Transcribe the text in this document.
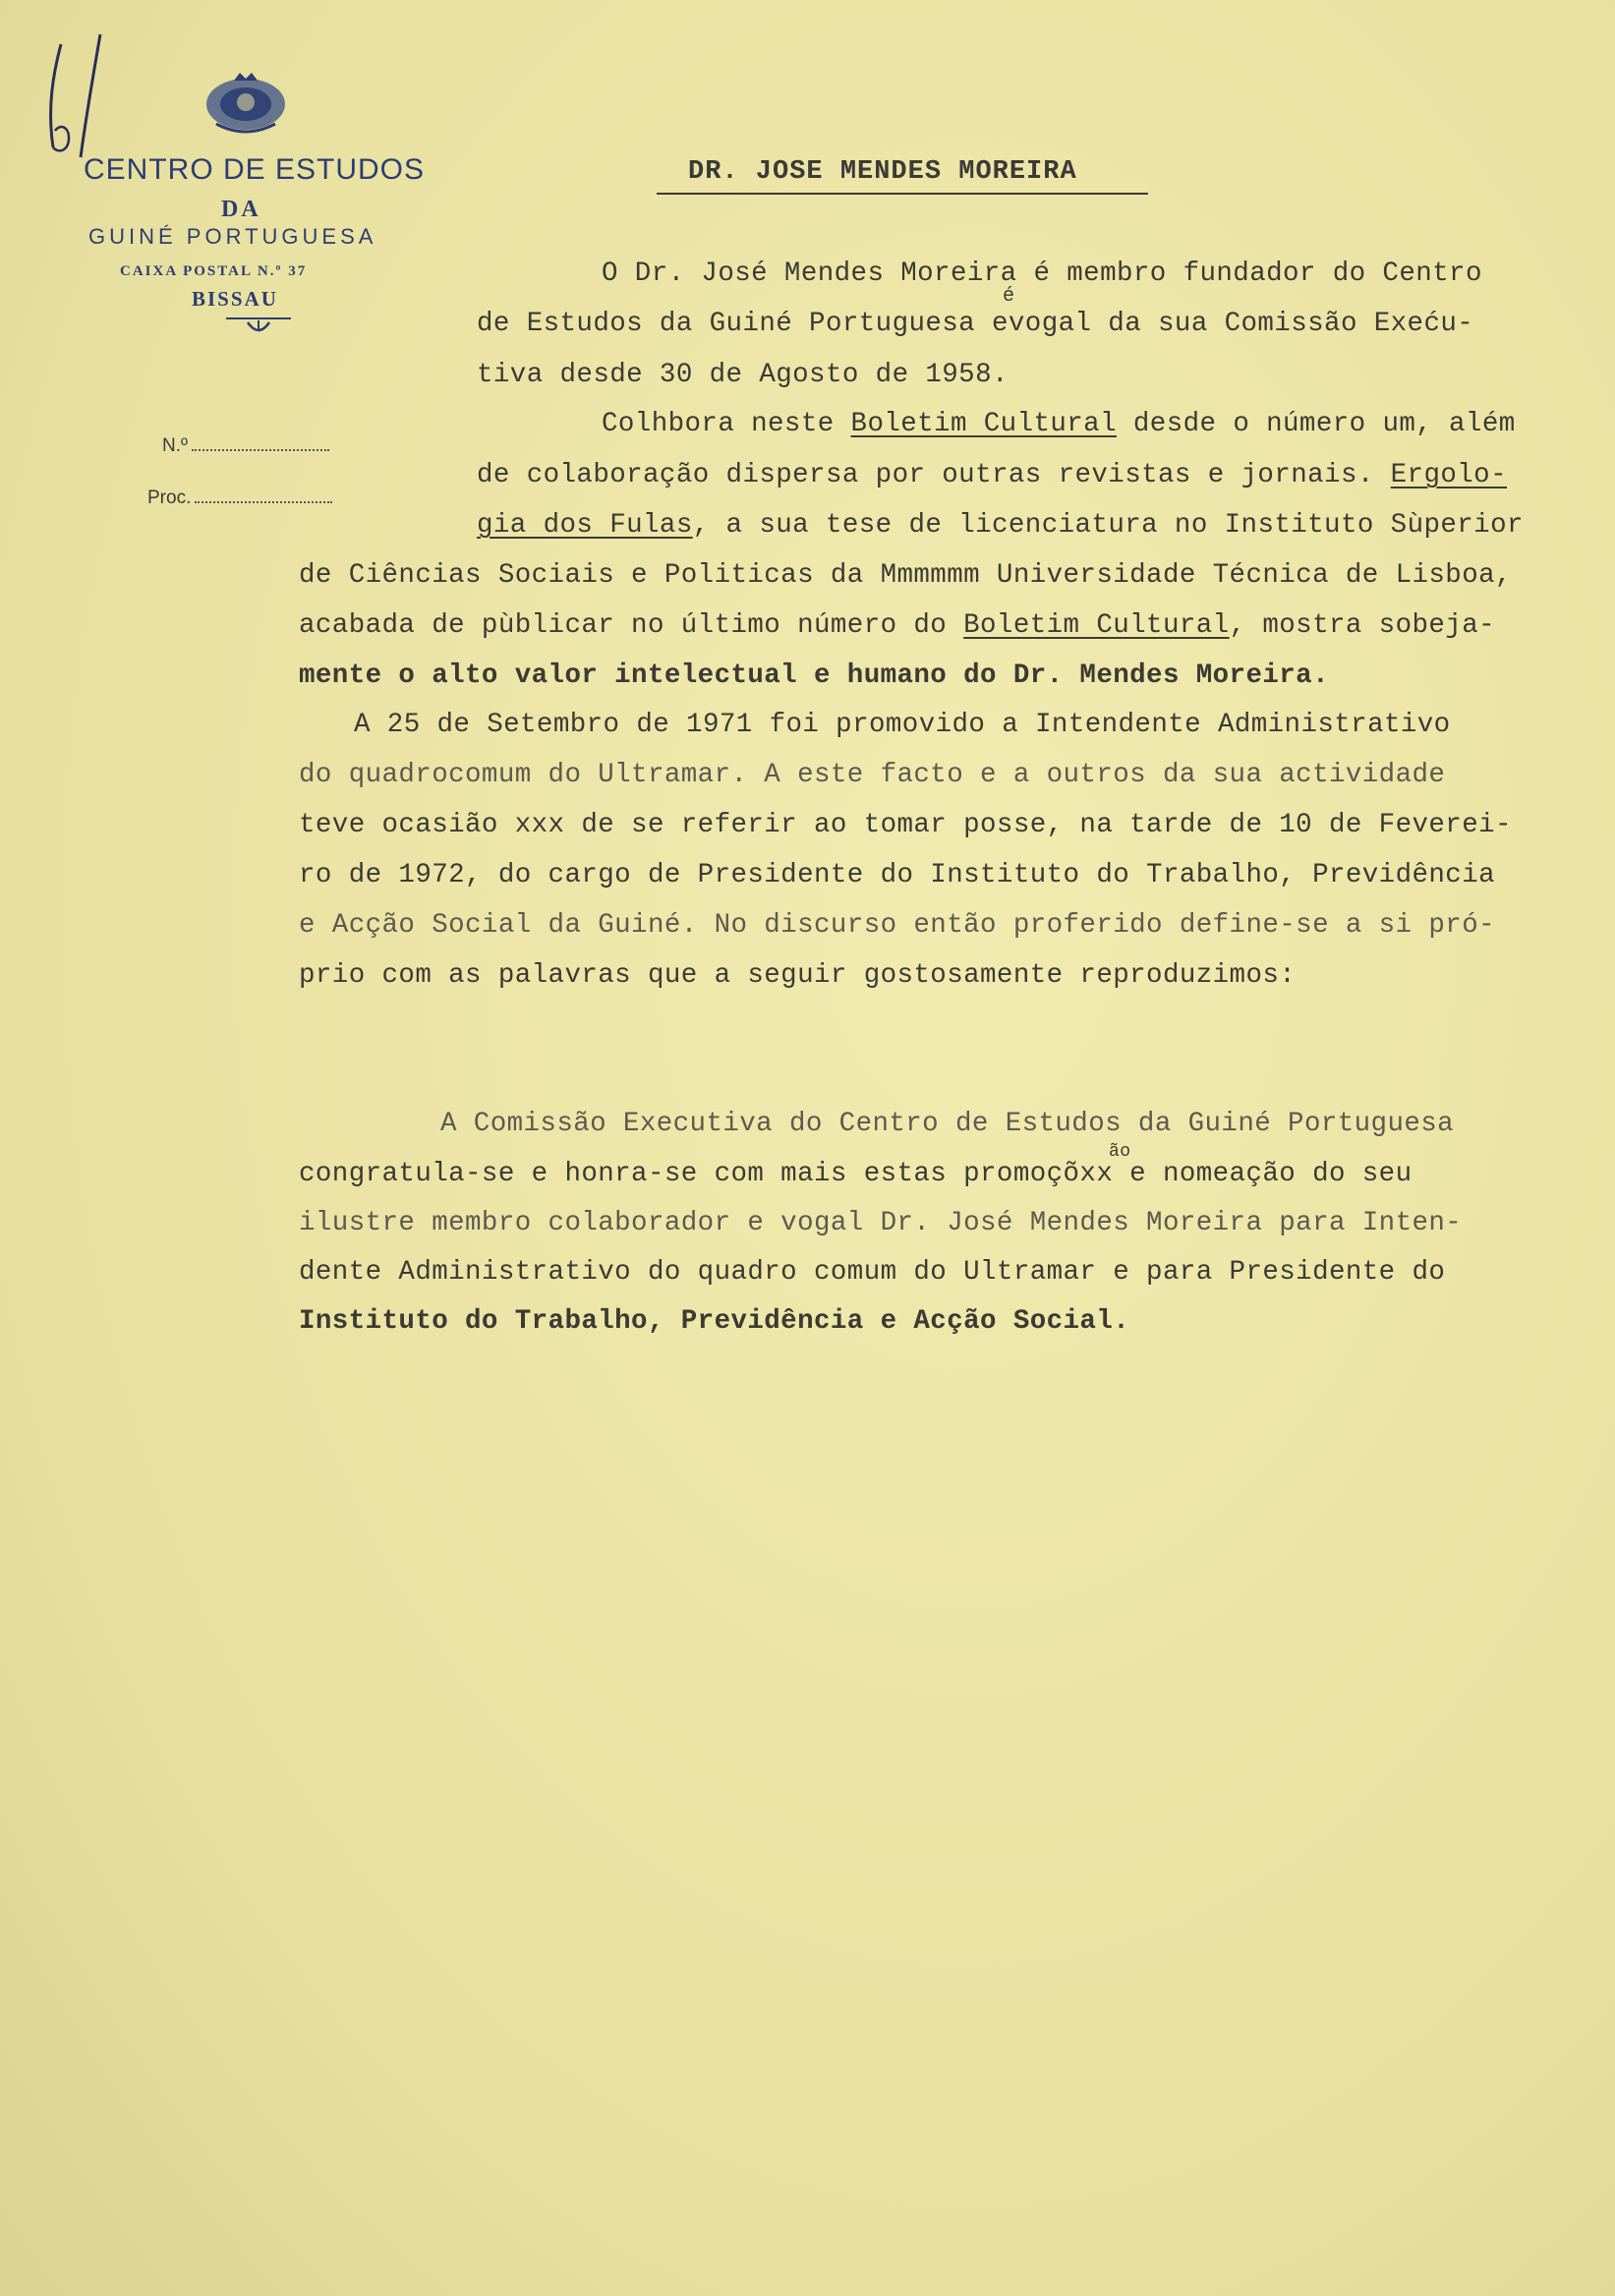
CENTRO DE ESTUDOS
DA
GUINÉ PORTUGUESA
CAIXA POSTAL N.º 37
BISSAU
N.º
Proc.
DR. JOSE MENDES MOREIRA
O Dr. José Mendes Moreira é membro fundador do Centro
de Estudos da Guiné Portuguesa evogal da sua Comissão Exeću-
é
tiva desde 30 de Agosto de 1958.
Colhbora neste Boletim Cultural desde o número um, além
de colaboração dispersa por outras revistas e jornais. Ergolo-
gia dos Fulas, a sua tese de licenciatura no Instituto Sùperior
de Ciências Sociais e Politicas da Mmmmmm Universidade Técnica de Lisboa,
acabada de pùblicar no último número do Boletim Cultural, mostra sobeja-
mente o alto valor intelectual e humano do Dr. Mendes Moreira.
A 25 de Setembro de 1971 foi promovido a Intendente Administrativo
do quadrocomum do Ultramar. A este facto e a outros da sua actividade
teve ocasião xxx de se referir ao tomar posse, na tarde de 10 de Feverei-
ro de 1972, do cargo de Presidente do Instituto do Trabalho, Previdência
e Acção Social da Guiné. No discurso então proferido define-se a si pró-
prio com as palavras que a seguir gostosamente reproduzimos:
A Comissão Executiva do Centro de Estudos da Guiné Portuguesa
ão
congratula-se e honra-se com mais estas promoçõxx e nomeação do seu
ilustre membro colaborador e vogal Dr. José Mendes Moreira para Inten-
dente Administrativo do quadro comum do Ultramar e para Presidente do
Instituto do Trabalho, Previdência e Acção Social.
